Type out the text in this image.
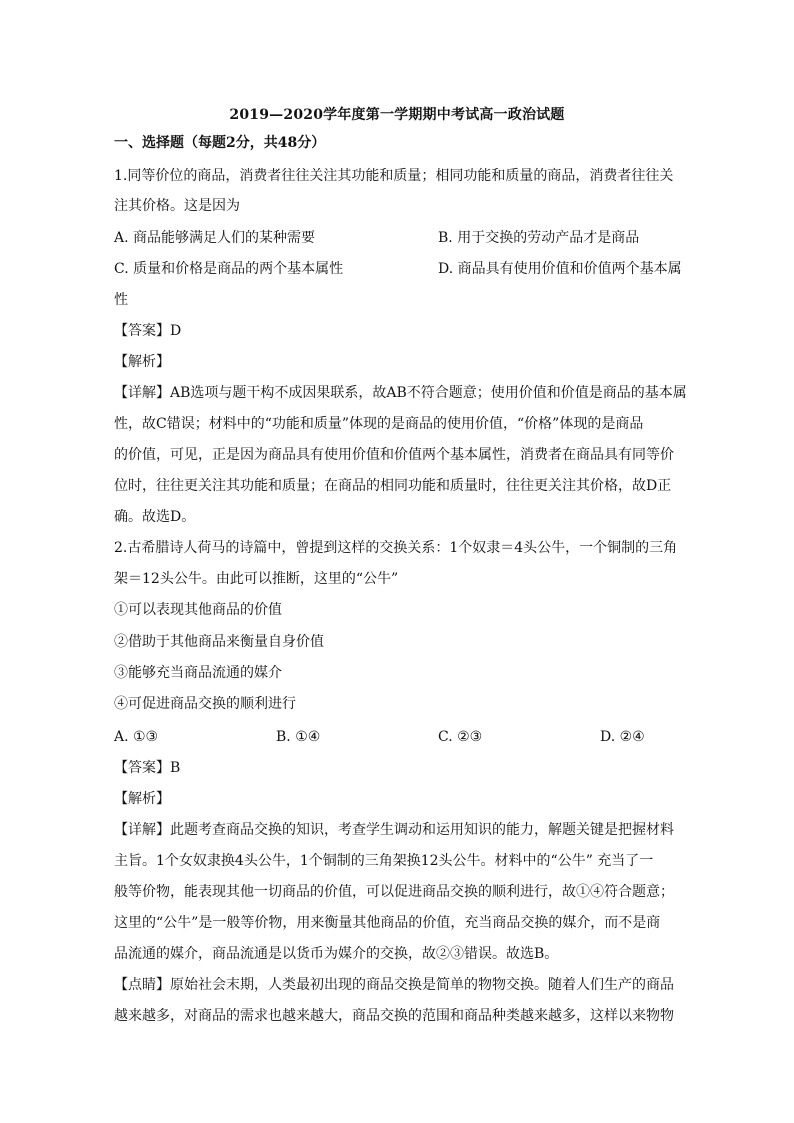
2019—2020学年度第一学期期中考试高一政治试题
一、选择题（每题2分，共48分）
1.同等价位的商品，消费者往往关注其功能和质量；相同功能和质量的商品，消费者往往关
注其价格。这是因为
A. 商品能够满足人们的某种需要	B. 用于交换的劳动产品才是商品
C. 质量和价格是商品的两个基本属性	D. 商品具有使用价值和价值两个基本属
性
【答案】D
【解析】
【详解】AB选项与题干构不成因果联系，故AB不符合题意；使用价值和价值是商品的基本属
性，故C错误；材料中的“功能和质量”体现的是商品的使用价值，“价格”体现的是商品
的价值，可见，正是因为商品具有使用价值和价值两个基本属性，消费者在商品具有同等价
位时，往往更关注其功能和质量；在商品的相同功能和质量时，往往更关注其价格，故D正
确。故选D。
2.古希腊诗人荷马的诗篇中，曾提到这样的交换关系：1个奴隶＝4头公牛，一个铜制的三角
架＝12头公牛。由此可以推断，这里的“公牛”
①可以表现其他商品的价值
②借助于其他商品来衡量自身价值
③能够充当商品流通的媒介
④可促进商品交换的顺利进行
A. ①③	B. ①④	C. ②③	D. ②④
【答案】B
【解析】
【详解】此题考查商品交换的知识，考查学生调动和运用知识的能力，解题关键是把握材料
主旨。1个女奴隶换4头公牛，1个铜制的三角架换12头公牛。材料中的“公牛” 充当了一
般等价物，能表现其他一切商品的价值，可以促进商品交换的顺利进行，故①④符合题意；
这里的“公牛”是一般等价物，用来衡量其他商品的价值，充当商品交换的媒介，而不是商
品流通的媒介，商品流通是以货币为媒介的交换，故②③错误。故选B。
【点睛】原始社会末期，人类最初出现的商品交换是简单的物物交换。随着人们生产的商品
越来越多，对商品的需求也越来越大，商品交换的范围和商品种类越来越多，这样以来物物
